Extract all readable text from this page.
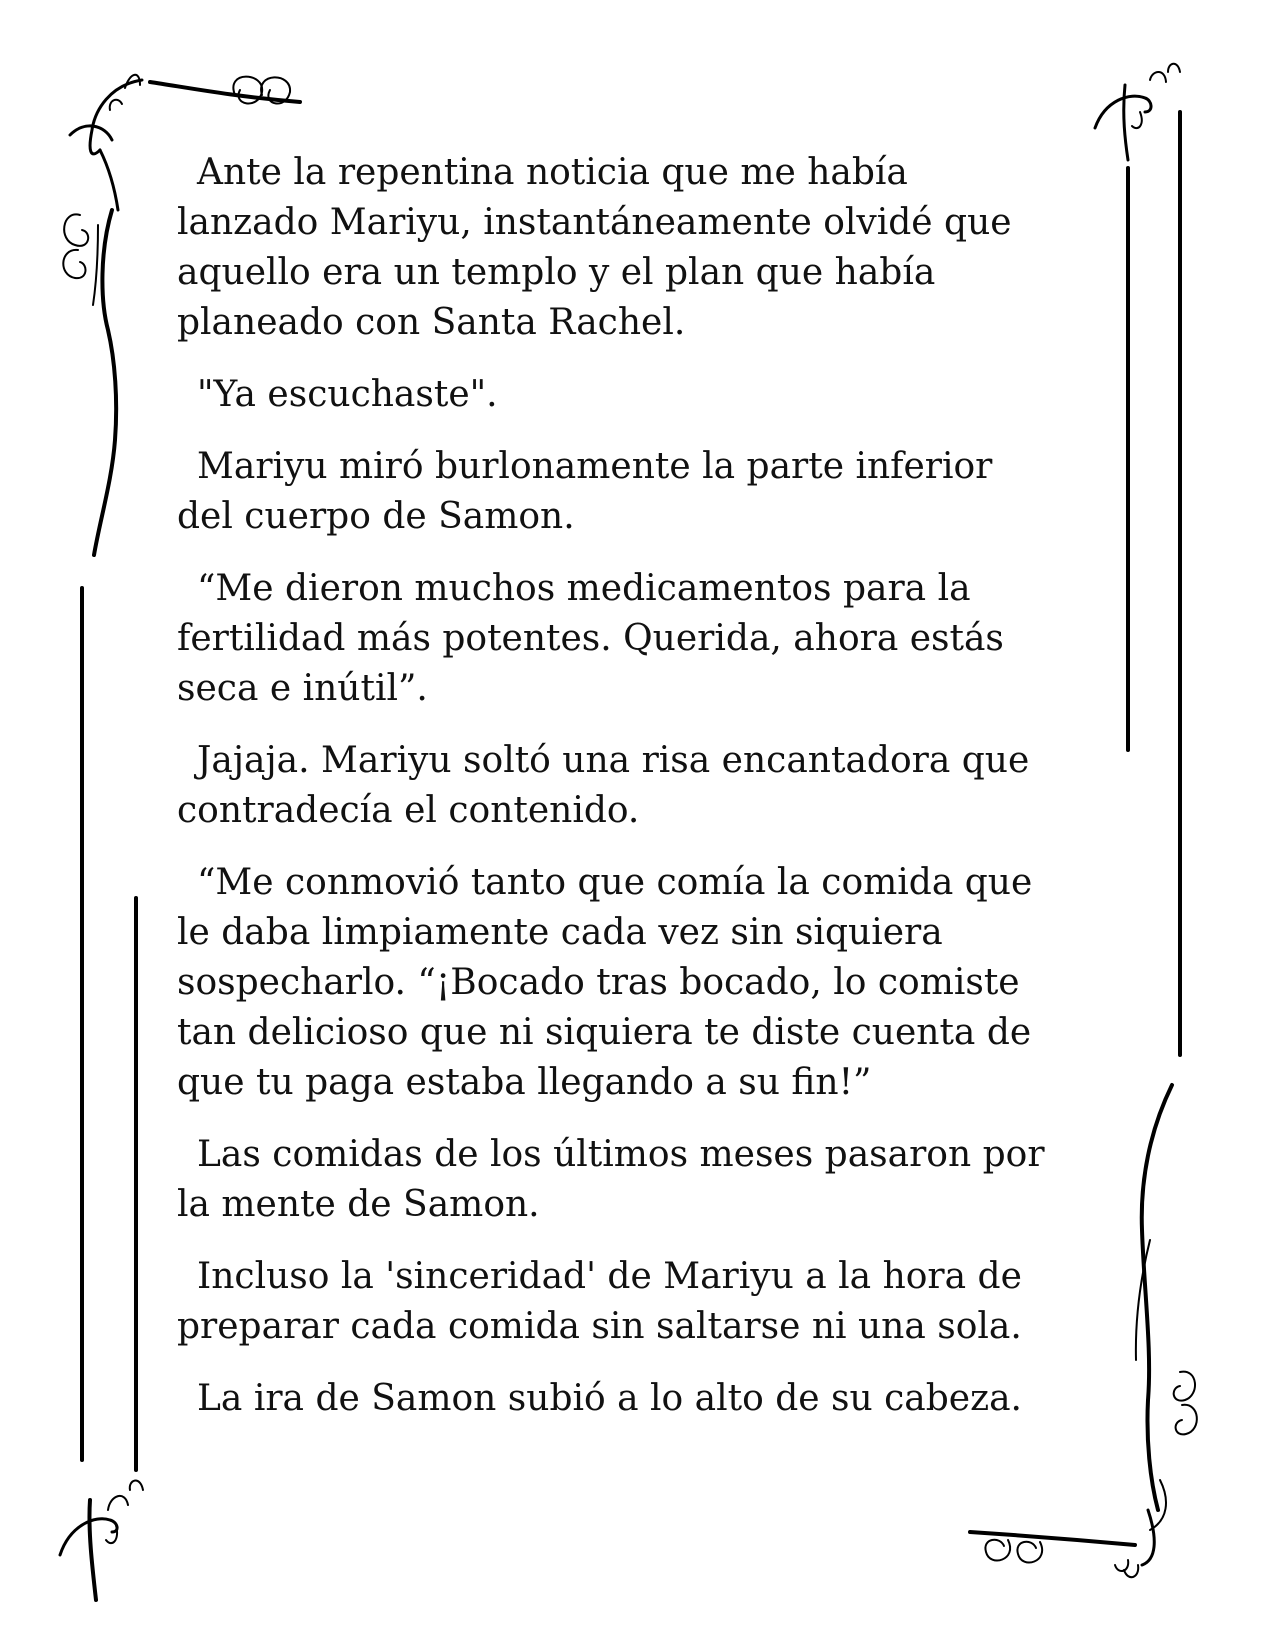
Ante la repentina noticia que me había
lanzado Mariyu, instantáneamente olvidé que
aquello era un templo y el plan que había
planeado con Santa Rachel.

"Ya escuchaste".

Mariyu miró burlonamente la parte inferior
del cuerpo de Samon.

“Me dieron muchos medicamentos para la
fertilidad más potentes. Querida, ahora estás
seca e inútil”.

Jajaja. Mariyu soltó una risa encantadora que
contradecía el contenido.

“Me conmovió tanto que comía la comida que
le daba limpiamente cada vez sin siquiera
sospecharlo. “¡Bocado tras bocado, lo comiste
tan delicioso que ni siquiera te diste cuenta de
que tu paga estaba llegando a su fin!”

Las comidas de los últimos meses pasaron por
la mente de Samon.

Incluso la 'sinceridad' de Mariyu a la hora de
preparar cada comida sin saltarse ni una sola.

La ira de Samon subió a lo alto de su cabeza.
